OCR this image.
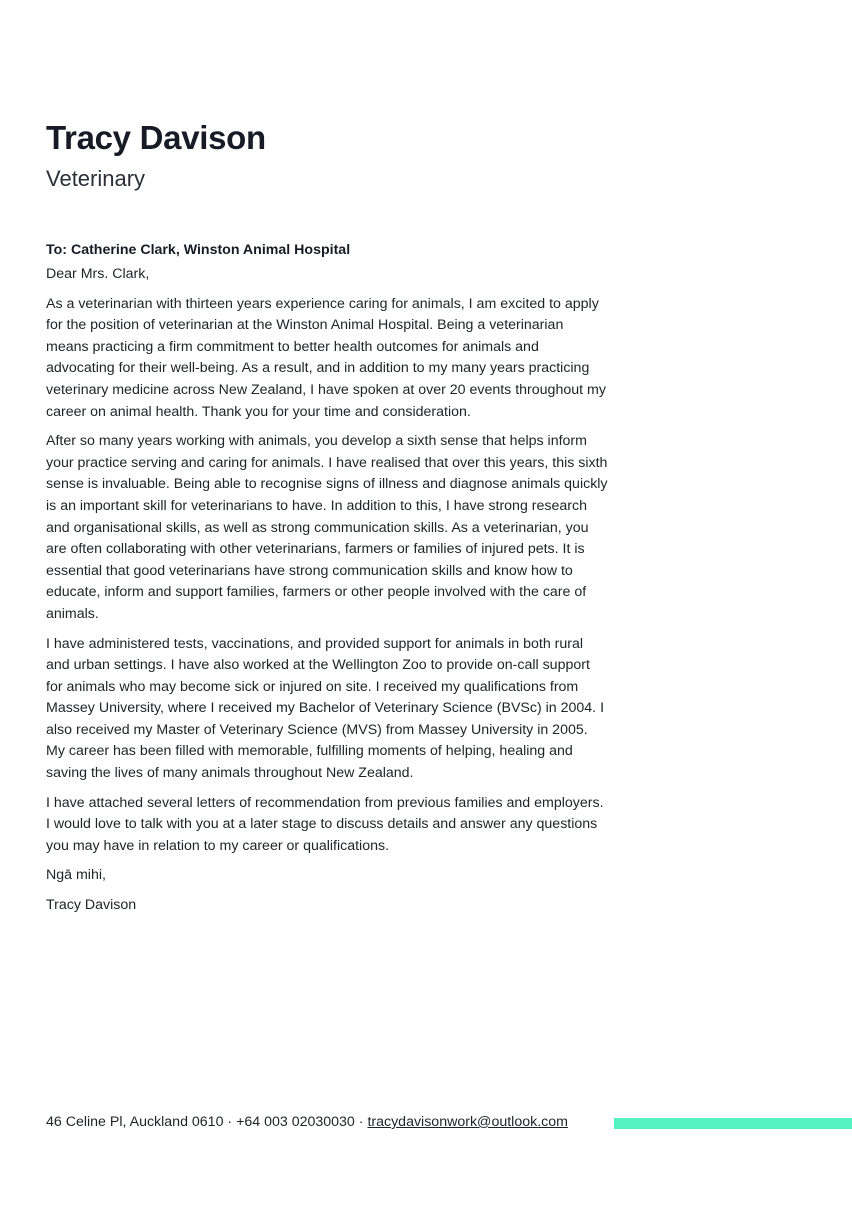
Tracy Davison
Veterinary

To: Catherine Clark, Winston Animal Hospital

Dear Mrs. Clark,

As a veterinarian with thirteen years experience caring for animals, I am excited to apply for the position of veterinarian at the Winston Animal Hospital. Being a veterinarian means practicing a firm commitment to better health outcomes for animals and advocating for their well-being. As a result, and in addition to my many years practicing veterinary medicine across New Zealand, I have spoken at over 20 events throughout my career on animal health. Thank you for your time and consideration.

After so many years working with animals, you develop a sixth sense that helps inform your practice serving and caring for animals. I have realised that over this years, this sixth sense is invaluable. Being able to recognise signs of illness and diagnose animals quickly is an important skill for veterinarians to have. In addition to this, I have strong research and organisational skills, as well as strong communication skills. As a veterinarian, you are often collaborating with other veterinarians, farmers or families of injured pets. It is essential that good veterinarians have strong communication skills and know how to educate, inform and support families, farmers or other people involved with the care of animals.

I have administered tests, vaccinations, and provided support for animals in both rural and urban settings. I have also worked at the Wellington Zoo to provide on-call support for animals who may become sick or injured on site. I received my qualifications from Massey University, where I received my Bachelor of Veterinary Science (BVSc) in 2004. I also received my Master of Veterinary Science (MVS) from Massey University in 2005. My career has been filled with memorable, fulfilling moments of helping, healing and saving the lives of many animals throughout New Zealand.

I have attached several letters of recommendation from previous families and employers. I would love to talk with you at a later stage to discuss details and answer any questions you may have in relation to my career or qualifications.

Ngā mihi,

Tracy Davison

46 Celine Pl, Auckland 0610 · +64 003 02030030 · tracydavisonwork@outlook.com
